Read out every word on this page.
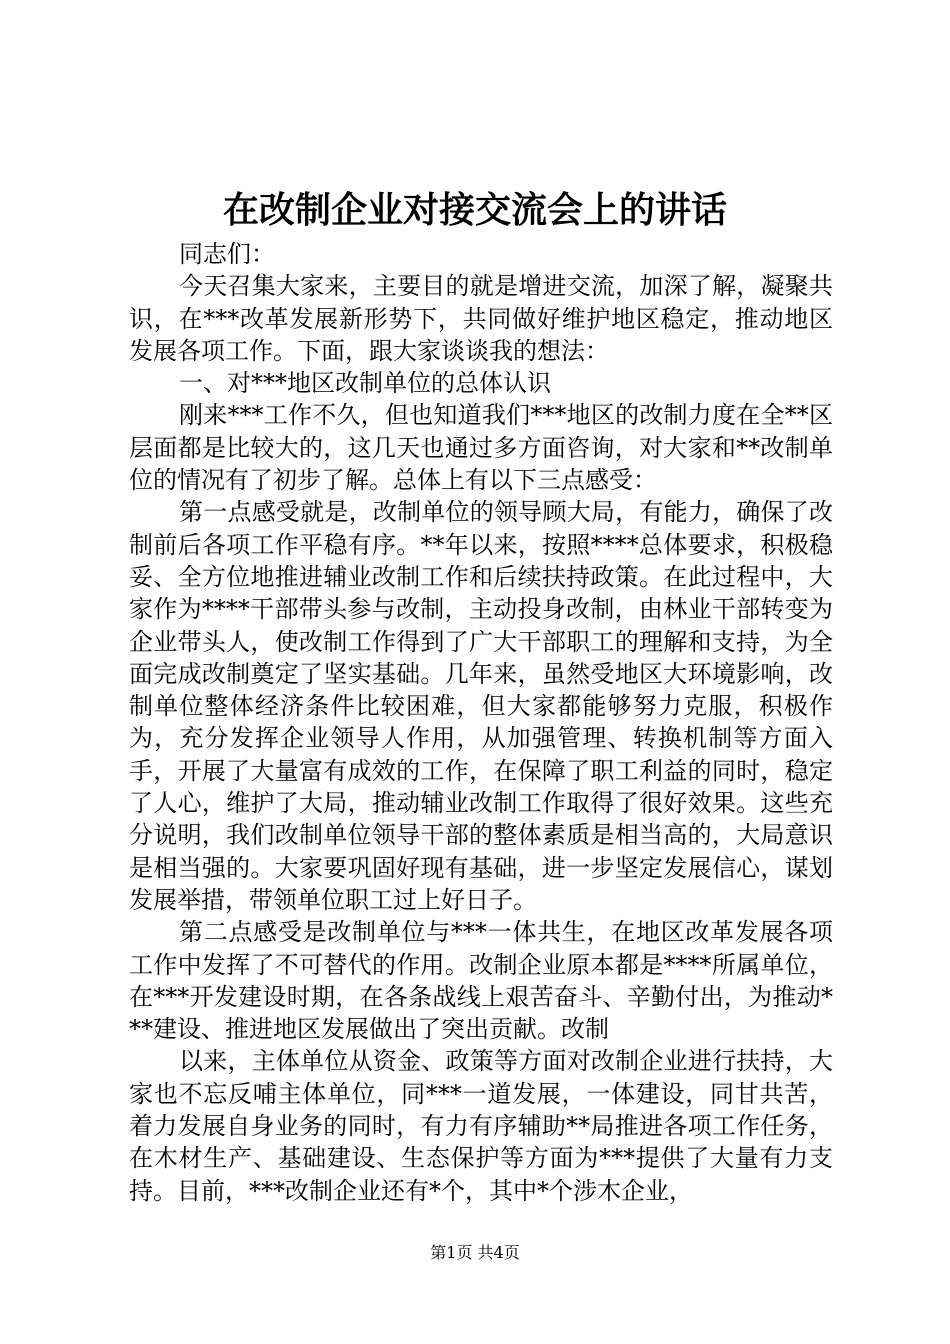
在改制企业对接交流会上的讲话

同志们：

今天召集大家来，主要目的就是增进交流，加深了解，凝聚共识，在***改革发展新形势下，共同做好维护地区稳定，推动地区发展各项工作。下面，跟大家谈谈我的想法：

一、对***地区改制单位的总体认识

刚来***工作不久，但也知道我们***地区的改制力度在全**区层面都是比较大的，这几天也通过多方面咨询，对大家和**改制单位的情况有了初步了解。总体上有以下三点感受：

第一点感受就是，改制单位的领导顾大局，有能力，确保了改制前后各项工作平稳有序。**年以来，按照****总体要求，积极稳妥、全方位地推进辅业改制工作和后续扶持政策。在此过程中，大家作为****干部带头参与改制，主动投身改制，由林业干部转变为企业带头人，使改制工作得到了广大干部职工的理解和支持，为全面完成改制奠定了坚实基础。几年来，虽然受地区大环境影响，改制单位整体经济条件比较困难，但大家都能够努力克服，积极作为，充分发挥企业领导人作用，从加强管理、转换机制等方面入手，开展了大量富有成效的工作，在保障了职工利益的同时，稳定了人心，维护了大局，推动辅业改制工作取得了很好效果。这些充分说明，我们改制单位领导干部的整体素质是相当高的，大局意识是相当强的。大家要巩固好现有基础，进一步坚定发展信心，谋划发展举措，带领单位职工过上好日子。

第二点感受是改制单位与***一体共生，在地区改革发展各项工作中发挥了不可替代的作用。改制企业原本都是****所属单位，在***开发建设时期，在各条战线上艰苦奋斗、辛勤付出，为推动***建设、推进地区发展做出了突出贡献。改制

以来，主体单位从资金、政策等方面对改制企业进行扶持，大家也不忘反哺主体单位，同***一道发展，一体建设，同甘共苦，着力发展自身业务的同时，有力有序辅助**局推进各项工作任务，在木材生产、基础建设、生态保护等方面为***提供了大量有力支持。目前，***改制企业还有*个，其中*个涉木企业，

第1页 共4页
